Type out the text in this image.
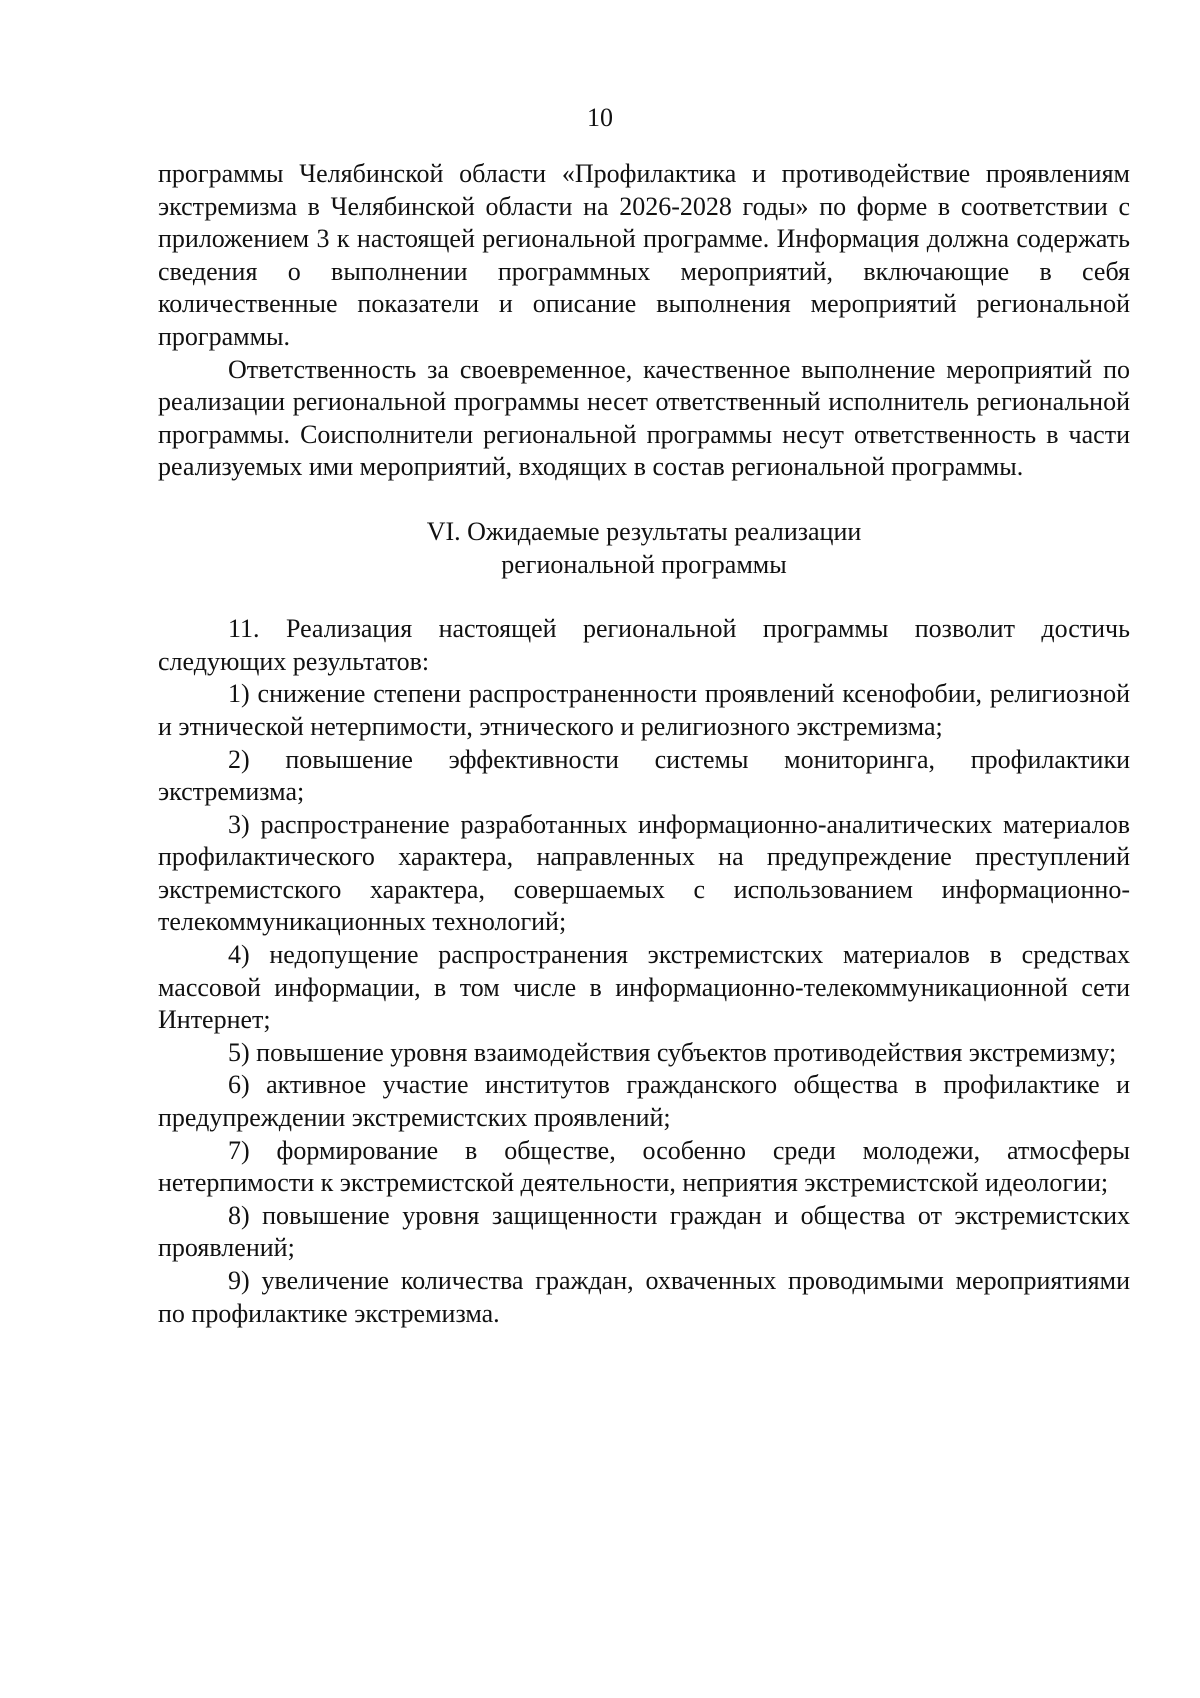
10

программы Челябинской области «Профилактика и противодействие проявлениям экстремизма в Челябинской области на 2026-2028 годы» по форме в соответствии с приложением 3 к настоящей региональной программе. Информация должна содержать сведения о выполнении программных мероприятий, включающие в себя количественные показатели и описание выполнения мероприятий региональной программы.

Ответственность за своевременное, качественное выполнение мероприятий по реализации региональной программы несет ответственный исполнитель региональной программы. Соисполнители региональной программы несут ответственность в части реализуемых ими мероприятий, входящих в состав региональной программы.

VI. Ожидаемые результаты реализации
региональной программы

11. Реализация настоящей региональной программы позволит достичь следующих результатов:

1) снижение степени распространенности проявлений ксенофобии, религиозной и этнической нетерпимости, этнического и религиозного экстремизма;

2) повышение эффективности системы мониторинга, профилактики экстремизма;

3) распространение разработанных информационно-аналитических материалов профилактического характера, направленных на предупреждение преступлений экстремистского характера, совершаемых с использованием информационно-телекоммуникационных технологий;

4) недопущение распространения экстремистских материалов в средствах массовой информации, в том числе в информационно-телекоммуникационной сети Интернет;

5) повышение уровня взаимодействия субъектов противодействия экстремизму;

6) активное участие институтов гражданского общества в профилактике и предупреждении экстремистских проявлений;

7) формирование в обществе, особенно среди молодежи, атмосферы нетерпимости к экстремистской деятельности, неприятия экстремистской идеологии;

8) повышение уровня защищенности граждан и общества от экстремистских проявлений;

9) увеличение количества граждан, охваченных проводимыми мероприятиями по профилактике экстремизма.
